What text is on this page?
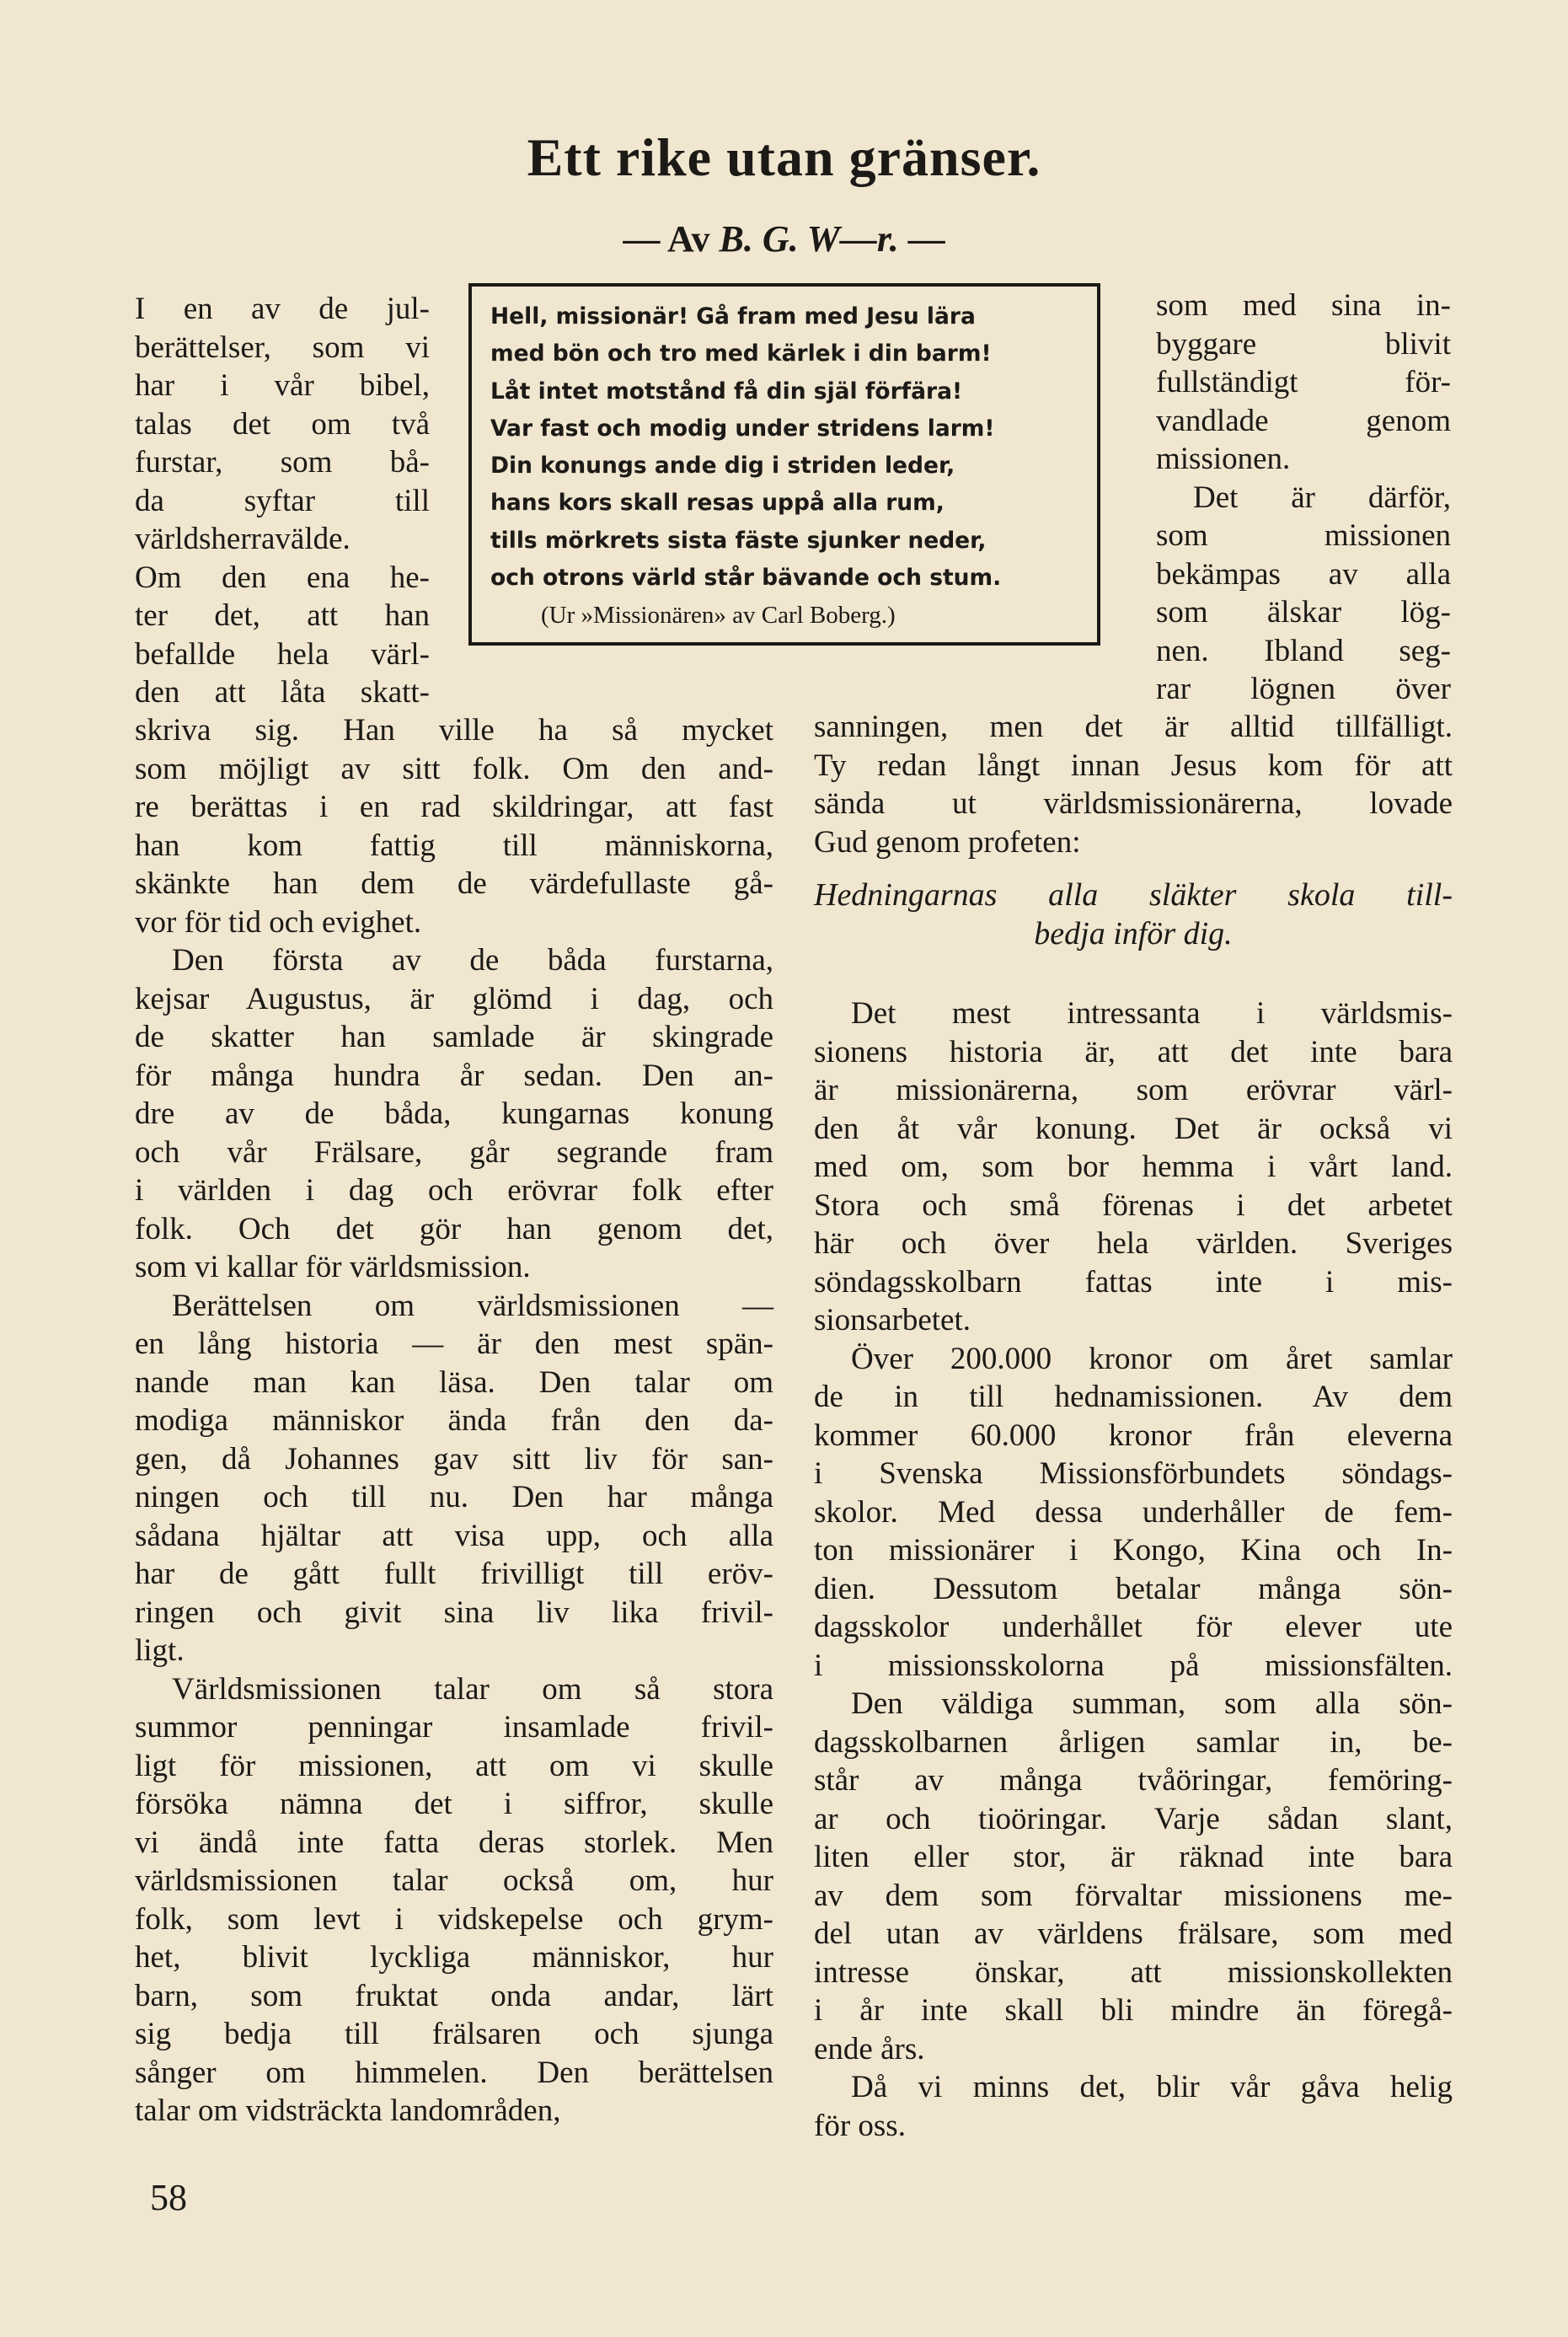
Ett rike utan gränser.
— Av B. G. W—r. —
Hell, missionär! Gå fram med Jesu lära
med bön och tro med kärlek i din barm!
Låt intet motstånd få din själ förfära!
Var fast och modig under stridens larm!
Din konungs ande dig i striden leder,
hans kors skall resas uppå alla rum,
tills mörkrets sista fäste sjunker neder,
och otrons värld står bävande och stum.
(Ur »Missionären» av Carl Boberg.)
I en av de jul-
berättelser, som vi
har i vår bibel,
talas det om två
furstar, som bå-
da syftar till
världsherravälde.
Om den ena he-
ter det, att han
befallde hela värl-
den att låta skatt-
skriva sig. Han ville ha så mycket
som möjligt av sitt folk. Om den and-
re berättas i en rad skildringar, att fast
han kom fattig till människorna,
skänkte han dem de värdefullaste gå-
vor för tid och evighet.
Den första av de båda furstarna,
kejsar Augustus, är glömd i dag, och
de skatter han samlade är skingrade
för många hundra år sedan. Den an-
dre av de båda, kungarnas konung
och vår Frälsare, går segrande fram
i världen i dag och erövrar folk efter
folk. Och det gör han genom det,
som vi kallar för världsmission.
Berättelsen om världsmissionen —
en lång historia — är den mest spän-
nande man kan läsa. Den talar om
modiga människor ända från den da-
gen, då Johannes gav sitt liv för san-
ningen och till nu. Den har många
sådana hjältar att visa upp, och alla
har de gått fullt frivilligt till eröv-
ringen och givit sina liv lika frivil-
ligt.
Världsmissionen talar om så stora
summor penningar insamlade frivil-
ligt för missionen, att om vi skulle
försöka nämna det i siffror, skulle
vi ändå inte fatta deras storlek. Men
världsmissionen talar också om, hur
folk, som levt i vidskepelse och grym-
het, blivit lyckliga människor, hur
barn, som fruktat onda andar, lärt
sig bedja till frälsaren och sjunga
sånger om himmelen. Den berättelsen
talar om vidsträckta landområden,
som med sina in-
byggare blivit
fullständigt för-
vandlade genom
missionen.
Det är därför,
som missionen
bekämpas av alla
som älskar lög-
nen. Ibland seg-
rar lögnen över
sanningen, men det är alltid tillfälligt.
Ty redan långt innan Jesus kom för att
sända ut världsmissionärerna, lovade
Gud genom profeten:
Hedningarnas alla släkter skola till-
bedja inför dig.
Det mest intressanta i världsmis-
sionens historia är, att det inte bara
är missionärerna, som erövrar värl-
den åt vår konung. Det är också vi
med om, som bor hemma i vårt land.
Stora och små förenas i det arbetet
här och över hela världen. Sveriges
söndagsskolbarn fattas inte i mis-
sionsarbetet.
Över 200.000 kronor om året samlar
de in till hednamissionen. Av dem
kommer 60.000 kronor från eleverna
i Svenska Missionsförbundets söndags-
skolor. Med dessa underhåller de fem-
ton missionärer i Kongo, Kina och In-
dien. Dessutom betalar många sön-
dagsskolor underhållet för elever ute
i missionsskolorna på missionsfälten.
Den väldiga summan, som alla sön-
dagsskolbarnen årligen samlar in, be-
står av många tvåöringar, femöring-
ar och tioöringar. Varje sådan slant,
liten eller stor, är räknad inte bara
av dem som förvaltar missionens me-
del utan av världens frälsare, som med
intresse önskar, att missionskollekten
i år inte skall bli mindre än föregå-
ende års.
Då vi minns det, blir vår gåva helig
för oss.
58
